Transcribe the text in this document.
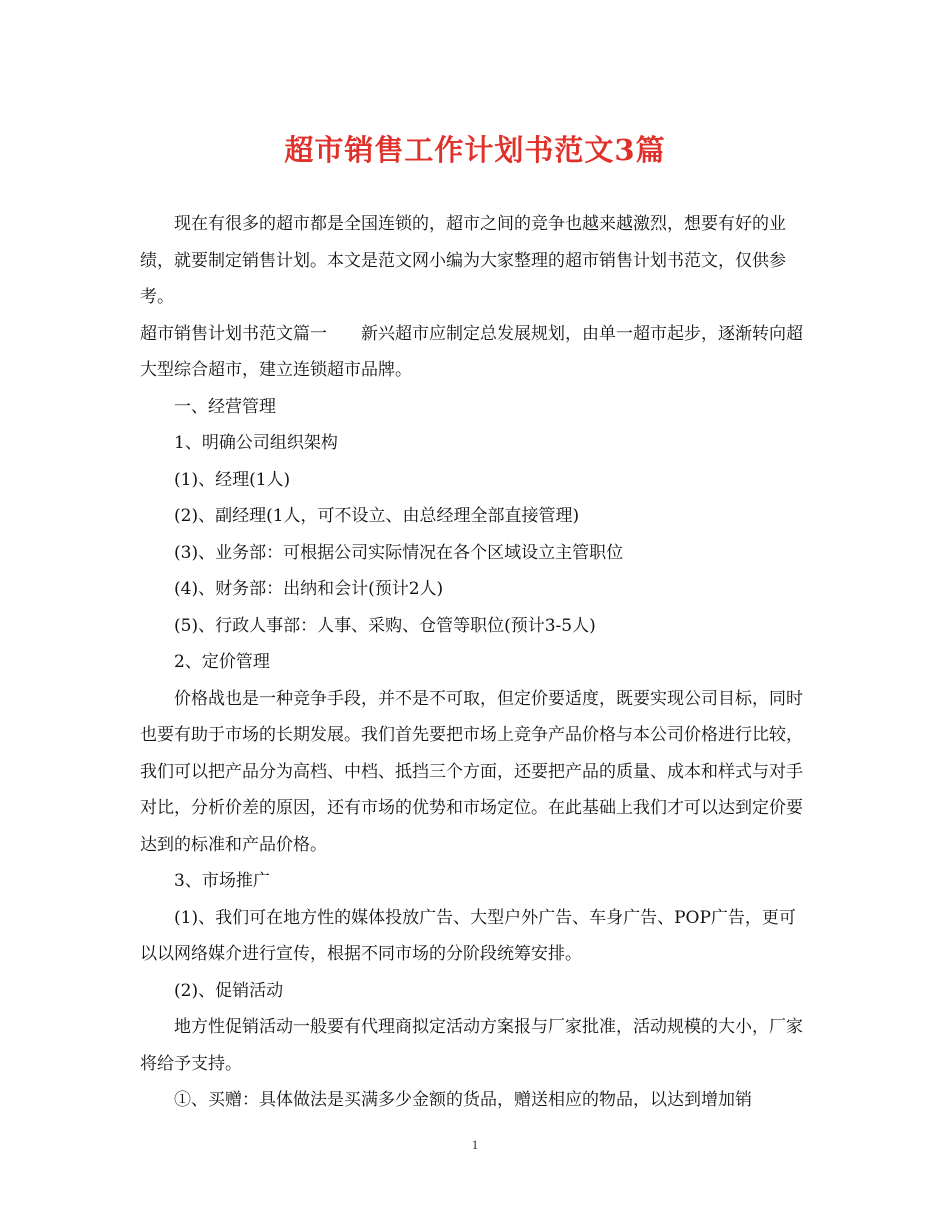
超市销售工作计划书范文3篇

现在有很多的超市都是全国连锁的，超市之间的竞争也越来越激烈，想要有好的业绩，就要制定销售计划。本文是范文网小编为大家整理的超市销售计划书范文，仅供参考。

超市销售计划书范文篇一　　新兴超市应制定总发展规划，由单一超市起步，逐渐转向超大型综合超市，建立连锁超市品牌。

一、经营管理

1、明确公司组织架构

(1)、经理(1人)

(2)、副经理(1人，可不设立、由总经理全部直接管理)

(3)、业务部：可根据公司实际情况在各个区域设立主管职位

(4)、财务部：出纳和会计(预计2人)

(5)、行政人事部：人事、采购、仓管等职位(预计3-5人)

2、定价管理

价格战也是一种竞争手段，并不是不可取，但定价要适度，既要实现公司目标，同时也要有助于市场的长期发展。我们首先要把市场上竞争产品价格与本公司价格进行比较，我们可以把产品分为高档、中档、抵挡三个方面，还要把产品的质量、成本和样式与对手对比，分析价差的原因，还有市场的优势和市场定位。在此基础上我们才可以达到定价要达到的标准和产品价格。

3、市场推广

(1)、我们可在地方性的媒体投放广告、大型户外广告、车身广告、POP广告，更可以以网络媒介进行宣传，根据不同市场的分阶段统筹安排。

(2)、促销活动

地方性促销活动一般要有代理商拟定活动方案报与厂家批准，活动规模的大小，厂家将给予支持。

①、买赠：具体做法是买满多少金额的货品，赠送相应的物品，以达到增加销

1
